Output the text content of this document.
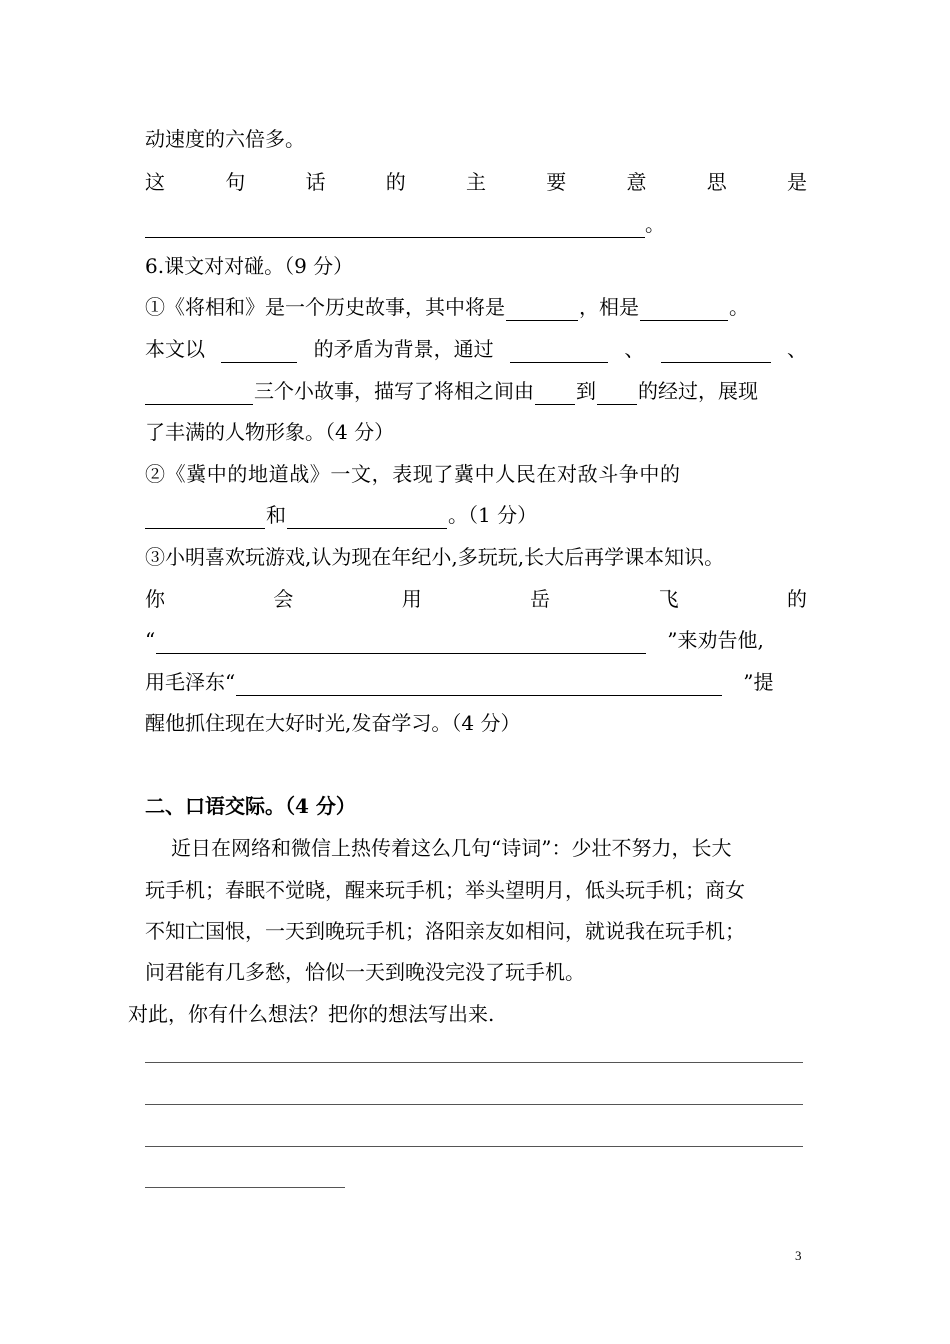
动速度的六倍多。
这	句	话	的	主	要	意	思	是
。
6.课文对对碰。（9 分）
①《将相和》是一个历史故事，其中将是	，相是	。
本文以	的矛盾为背景，通过	、	、
三个小故事，描写了将相之间由 到 的经过，展现
了丰满的人物形象。（4 分）
②《冀中的地道战》一文，表现了冀中人民在对敌斗争中的
和	。（1 分）
③小明喜欢玩游戏,认为现在年纪小,多玩玩,长大后再学课本知识。
你	会	用	岳	飞	的
“	”来劝告他,
用毛泽东“	”提
醒他抓住现在大好时光,发奋学习。（4 分）
二、口语交际。（4 分）
近日在网络和微信上热传着这么几句“诗词”：少壮不努力，长大
玩手机；春眠不觉晓，醒来玩手机；举头望明月，低头玩手机；商女
不知亡国恨，一天到晚玩手机；洛阳亲友如相问，就说我在玩手机；
问君能有几多愁，恰似一天到晚没完没了玩手机。
对此，你有什么想法？把你的想法写出来.
3
